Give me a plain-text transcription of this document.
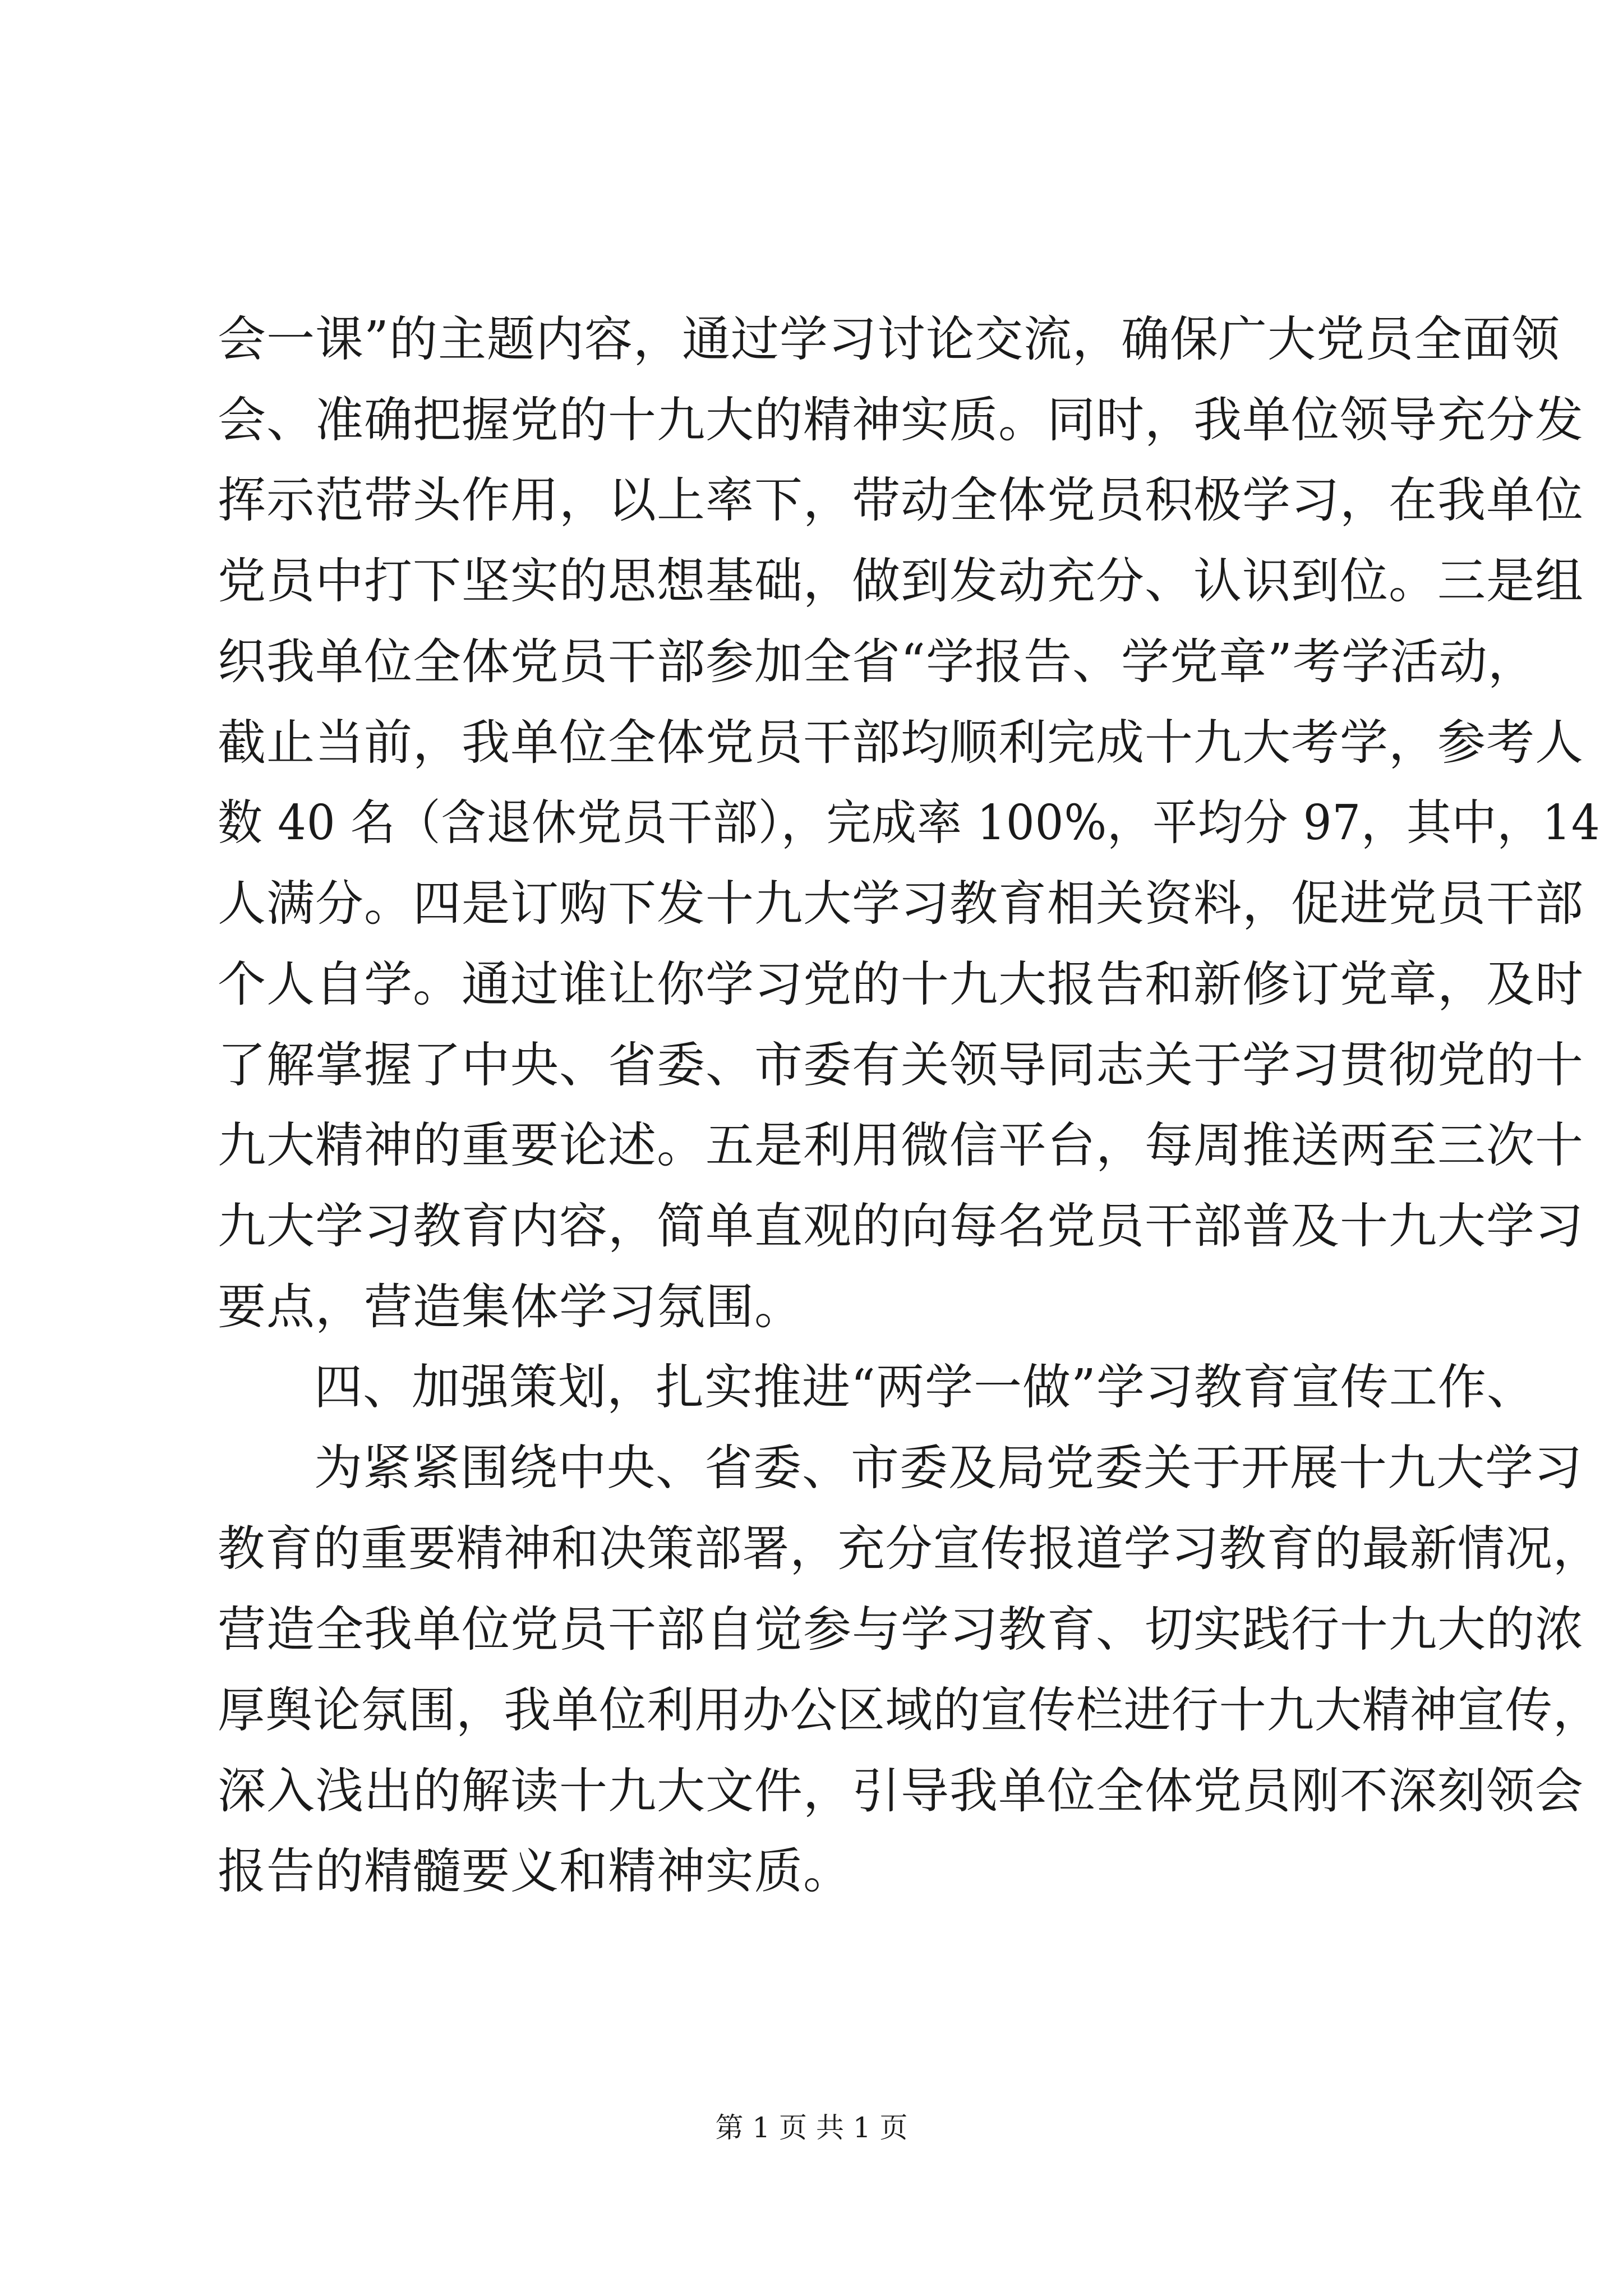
会一课”的主题内容，通过学习讨论交流，确保广大党员全面领
会、准确把握党的十九大的精神实质。同时，我单位领导充分发
挥示范带头作用，以上率下，带动全体党员积极学习，在我单位
党员中打下坚实的思想基础，做到发动充分、认识到位。三是组
织我单位全体党员干部参加全省“学报告、学党章”考学活动，
截止当前，我单位全体党员干部均顺利完成十九大考学，参考人
数 40 名（含退休党员干部），完成率 100%，平均分 97，其中，14
人满分。四是订购下发十九大学习教育相关资料，促进党员干部
个人自学。通过谁让你学习党的十九大报告和新修订党章，及时
了解掌握了中央、省委、市委有关领导同志关于学习贯彻党的十
九大精神的重要论述。五是利用微信平台，每周推送两至三次十
九大学习教育内容，简单直观的向每名党员干部普及十九大学习
要点，营造集体学习氛围。
四、加强策划，扎实推进“两学一做”学习教育宣传工作、
为紧紧围绕中央、省委、市委及局党委关于开展十九大学习
教育的重要精神和决策部署，充分宣传报道学习教育的最新情况，
营造全我单位党员干部自觉参与学习教育、切实践行十九大的浓
厚舆论氛围，我单位利用办公区域的宣传栏进行十九大精神宣传，
深入浅出的解读十九大文件，引导我单位全体党员刚不深刻领会
报告的精髓要义和精神实质。
第 1 页 共 1 页
